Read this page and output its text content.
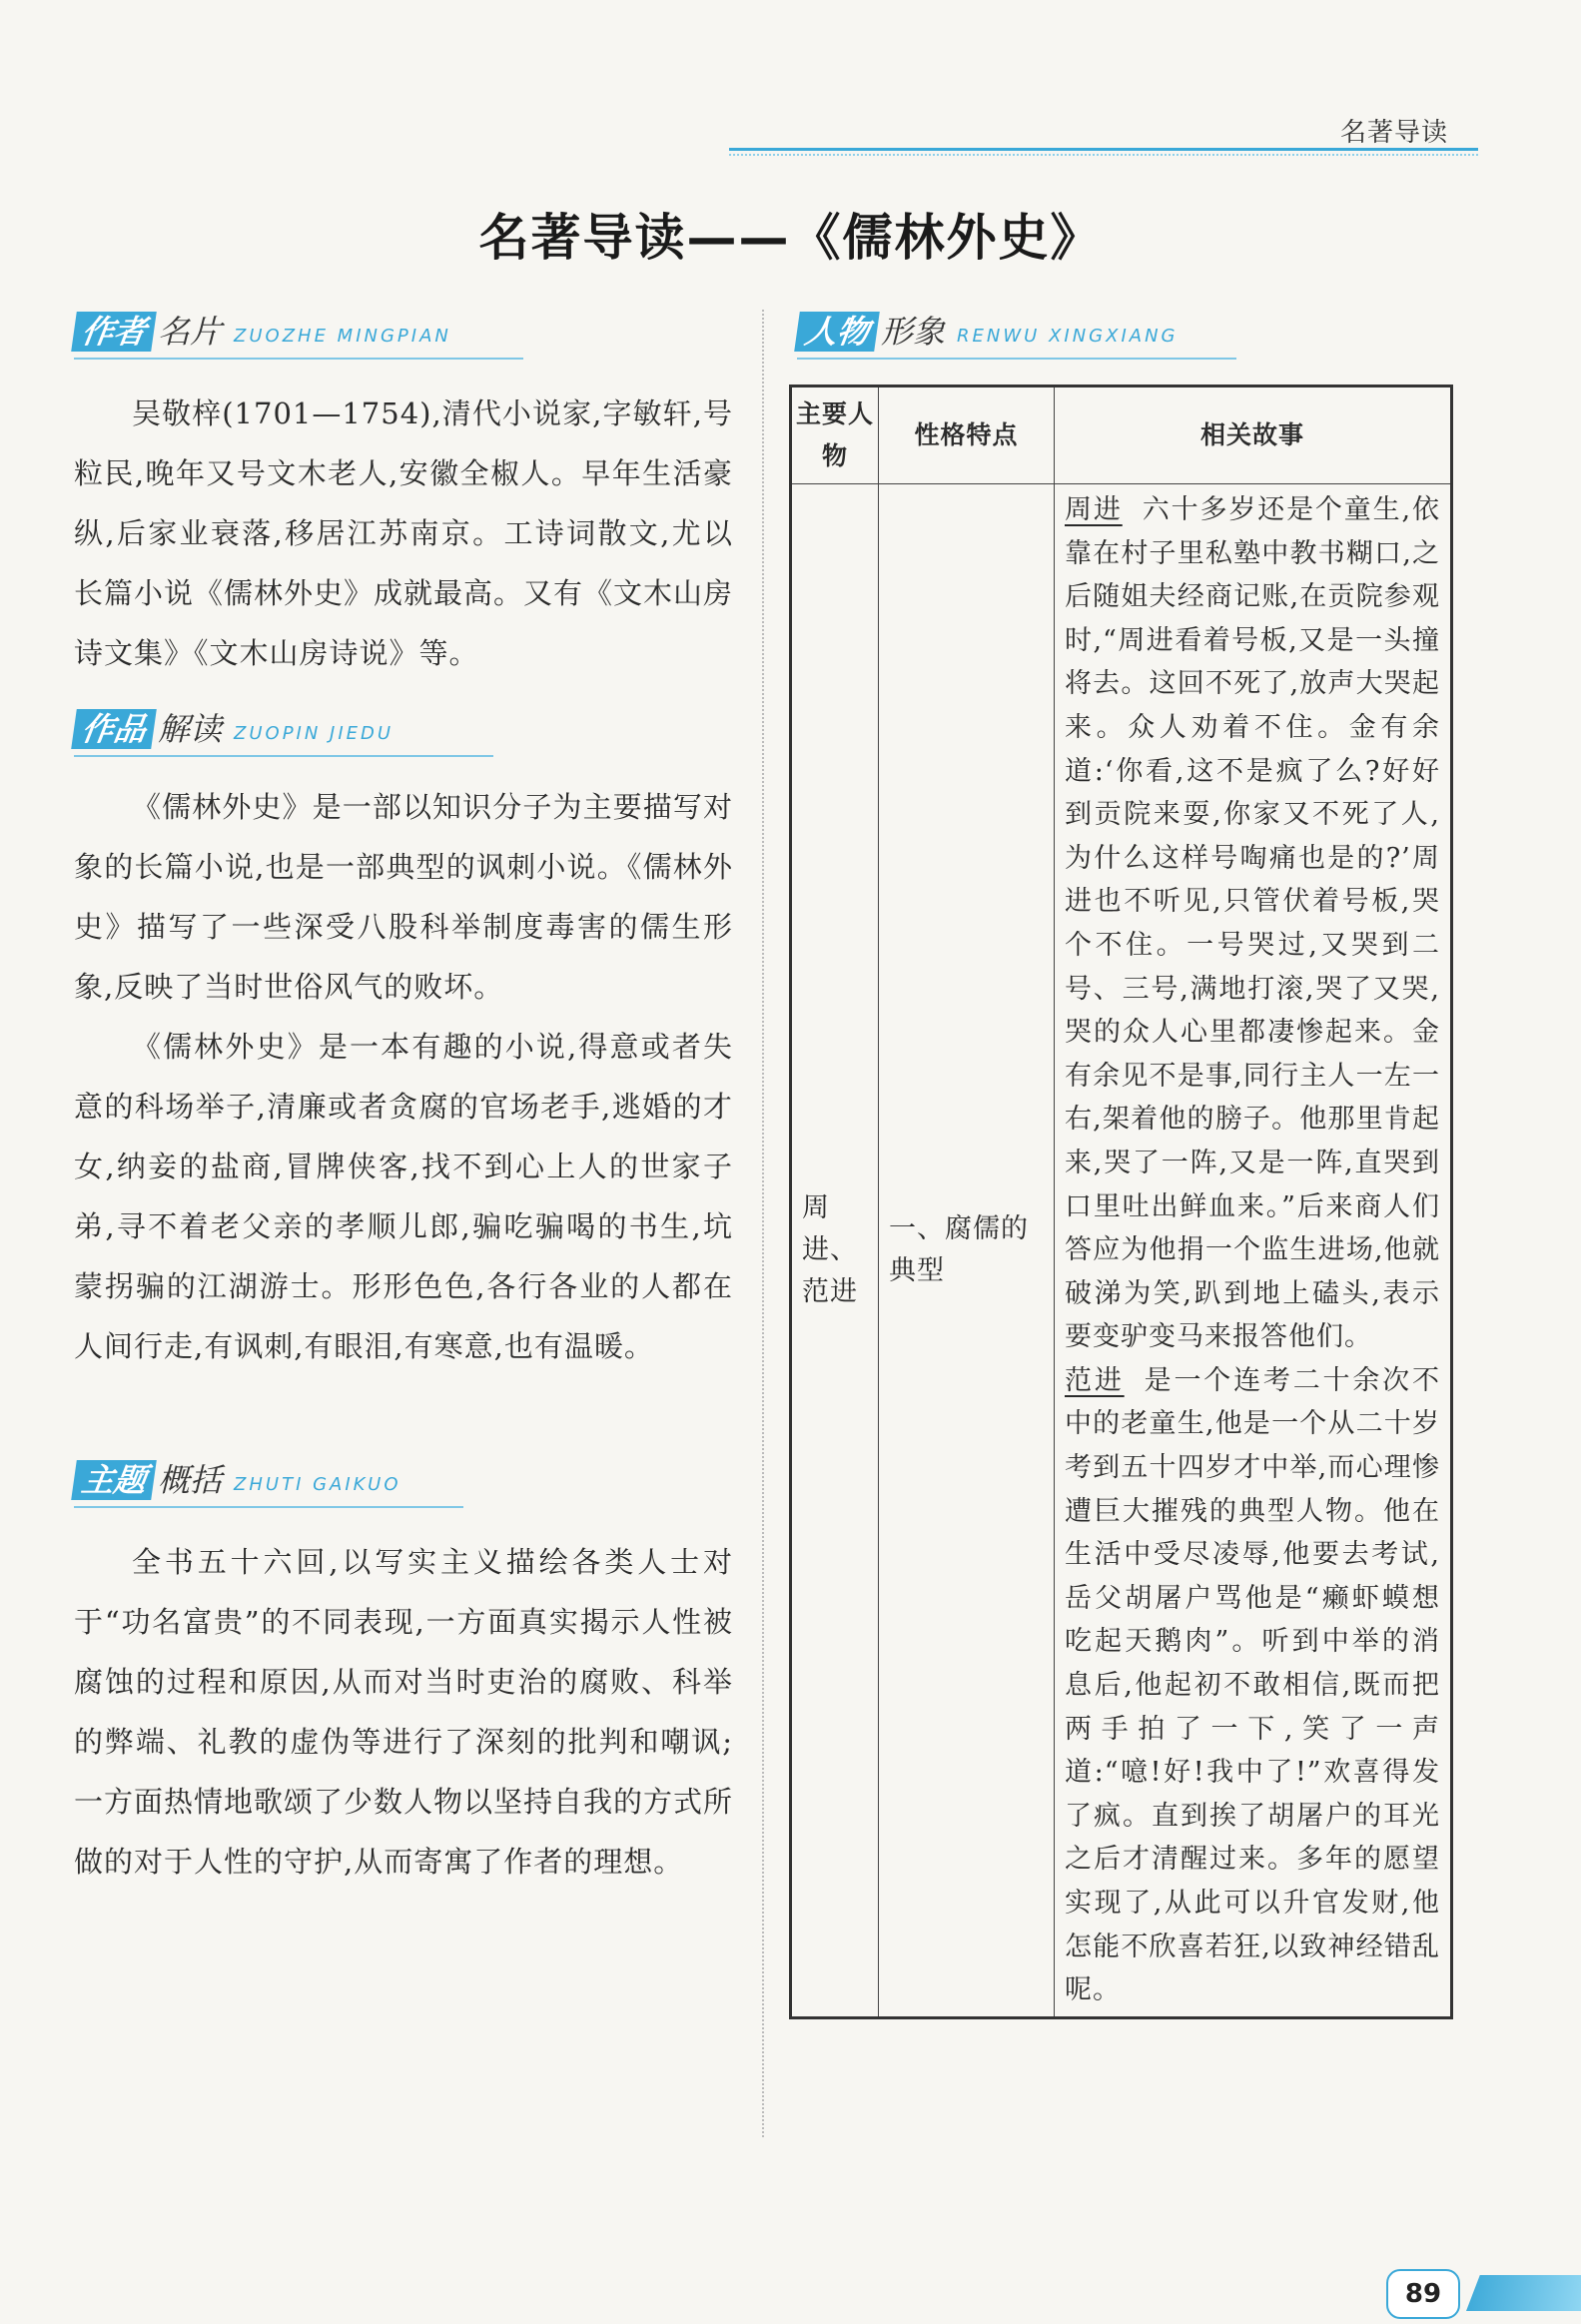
名著导读
名著导读——《儒林外史》
作者 名片 ZUOZHE MINGPIAN
吴敬梓(1701—1754),清代小说家,字敏轩,号粒民,晚年又号文木老人,安徽全椒人。早年生活豪纵,后家业衰落,移居江苏南京。工诗词散文,尤以长篇小说《儒林外史》成就最高。又有《文木山房诗文集》《文木山房诗说》等。
作品 解读 ZUOPIN JIEDU
《儒林外史》是一部以知识分子为主要描写对象的长篇小说,也是一部典型的讽刺小说。《儒林外史》描写了一些深受八股科举制度毒害的儒生形象,反映了当时世俗风气的败坏。
《儒林外史》是一本有趣的小说,得意或者失意的科场举子,清廉或者贪腐的官场老手,逃婚的才女,纳妾的盐商,冒牌侠客,找不到心上人的世家子弟,寻不着老父亲的孝顺儿郎,骗吃骗喝的书生,坑蒙拐骗的江湖游士。形形色色,各行各业的人都在人间行走,有讽刺,有眼泪,有寒意,也有温暖。
主题 概括 ZHUTI GAIKUO
全书五十六回,以写实主义描绘各类人士对于“功名富贵”的不同表现,一方面真实揭示人性被腐蚀的过程和原因,从而对当时吏治的腐败、科举的弊端、礼教的虚伪等进行了深刻的批判和嘲讽;一方面热情地歌颂了少数人物以坚持自我的方式所做的对于人性的守护,从而寄寓了作者的理想。
人物 形象 RENWU XINGXIANG
主要人物	性格特点	相关故事
周进、范进	一、腐儒的典型	周进 六十多岁还是个童生,依靠在村子里私塾中教书糊口,之后随姐夫经商记账,在贡院参观时,“周进看着号板,又是一头撞将去。这回不死了,放声大哭起来。众人劝着不住。金有余道:‘你看,这不是疯了么?好好到贡院来耍,你家又不死了人,为什么这样号啕痛也是的?’周进也不听见,只管伏着号板,哭个不住。一号哭过,又哭到二号、三号,满地打滚,哭了又哭,哭的众人心里都凄惨起来。金有余见不是事,同行主人一左一右,架着他的膀子。他那里肯起来,哭了一阵,又是一阵,直哭到口里吐出鲜血来。”后来商人们答应为他捐一个监生进场,他就破涕为笑,趴到地上磕头,表示要变驴变马来报答他们。

范进 是一个连考二十余次不中的老童生,他是一个从二十岁考到五十四岁才中举,而心理惨遭巨大摧残的典型人物。他在生活中受尽凌辱,他要去考试,岳父胡屠户骂他是“癞虾蟆想吃起天鹅肉”。听到中举的消息后,他起初不敢相信,既而把两手拍了一下,笑了一声道:“噫!好!我中了!”欢喜得发了疯。直到挨了胡屠户的耳光之后才清醒过来。多年的愿望实现了,从此可以升官发财,他怎能不欣喜若狂,以致神经错乱呢。

89
